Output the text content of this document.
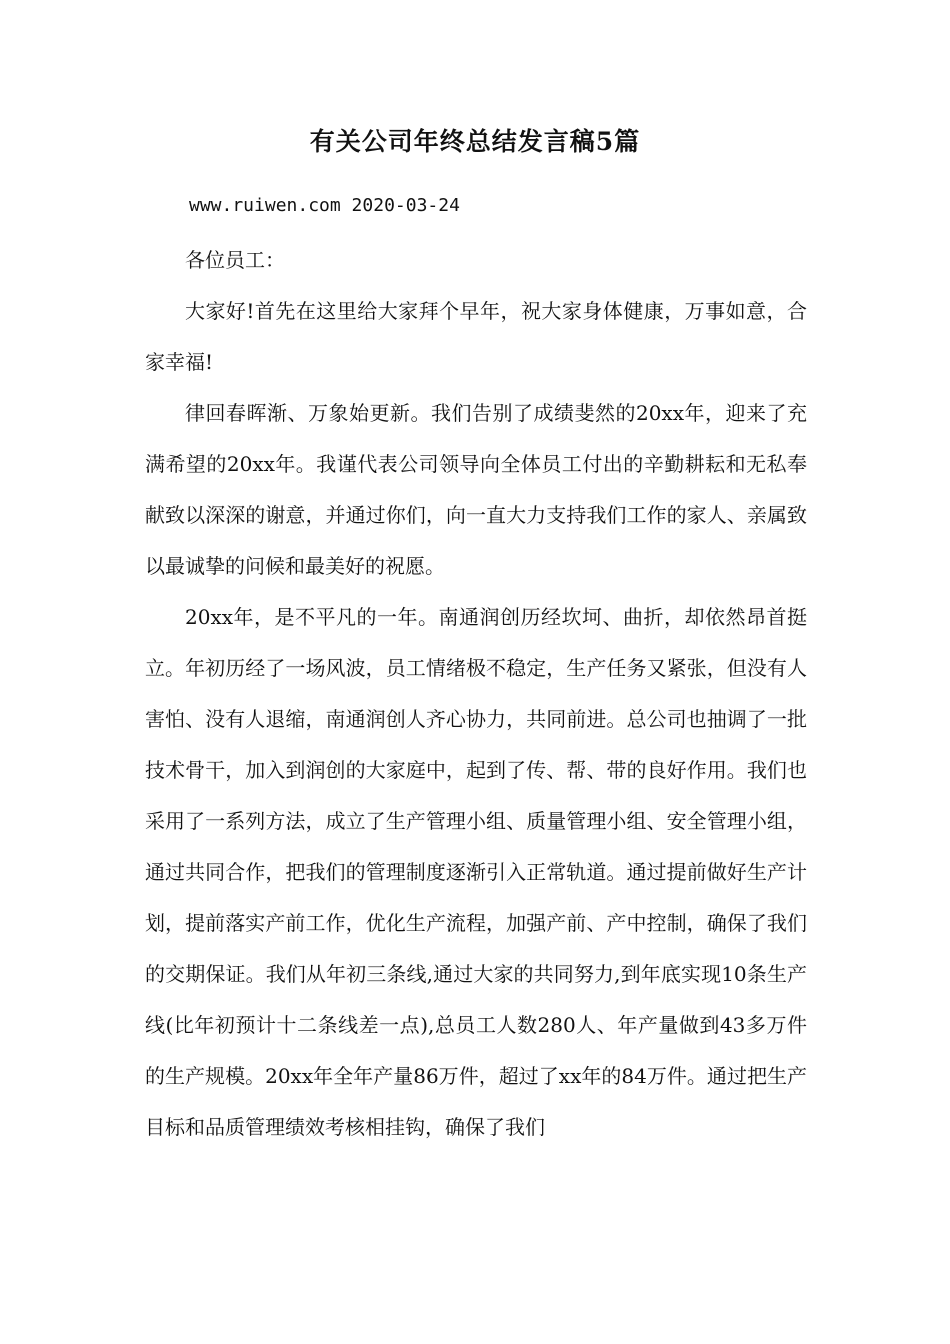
有关公司年终总结发言稿5篇
www.ruiwen.com 2020-03-24

各位员工：

大家好!首先在这里给大家拜个早年，祝大家身体健康，万事如意，合家幸福!

律回春晖渐、万象始更新。我们告别了成绩斐然的20xx年，迎来了充满希望的20xx年。我谨代表公司领导向全体员工付出的辛勤耕耘和无私奉献致以深深的谢意，并通过你们，向一直大力支持我们工作的家人、亲属致以最诚挚的问候和最美好的祝愿。

20xx年，是不平凡的一年。南通润创历经坎坷、曲折，却依然昂首挺立。年初历经了一场风波，员工情绪极不稳定，生产任务又紧张，但没有人害怕、没有人退缩，南通润创人齐心协力，共同前进。总公司也抽调了一批技术骨干，加入到润创的大家庭中，起到了传、帮、带的良好作用。我们也采用了一系列方法，成立了生产管理小组、质量管理小组、安全管理小组，通过共同合作，把我们的管理制度逐渐引入正常轨道。通过提前做好生产计划，提前落实产前工作，优化生产流程，加强产前、产中控制，确保了我们的交期保证。我们从年初三条线,通过大家的共同努力,到年底实现10条生产线(比年初预计十二条线差一点),总员工人数280人、年产量做到43多万件的生产规模。20xx年全年产量86万件，超过了xx年的84万件。通过把生产目标和品质管理绩效考核相挂钩，确保了我们
